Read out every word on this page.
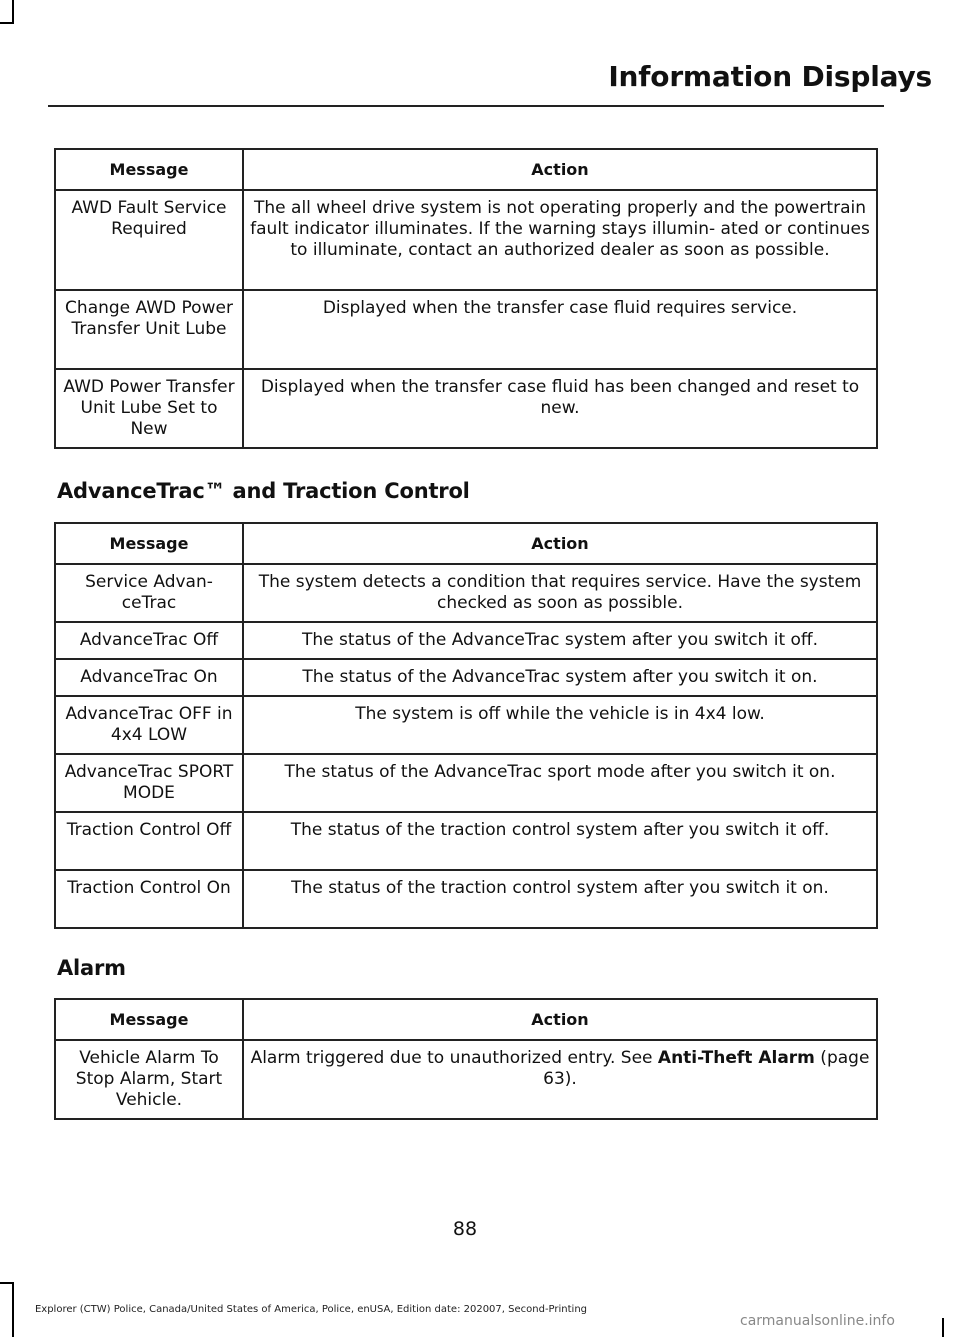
Information Displays
Message	Action
AWD Fault Service Required	The all wheel drive system is not operating properly and the powertrain fault indicator illuminates. If the warning stays illumin- ated or continues to illuminate, contact an authorized dealer as soon as possible.
Change AWD Power Transfer Unit Lube	Displayed when the transfer case fluid requires service.
AWD Power Transfer Unit Lube Set to New	Displayed when the transfer case fluid has been changed and reset to new.
AdvanceTrac™ and Traction Control
Message	Action
Service Advan- ceTrac	The system detects a condition that requires service. Have the system checked as soon as possible.
AdvanceTrac Off	The status of the AdvanceTrac system after you switch it off.
AdvanceTrac On	The status of the AdvanceTrac system after you switch it on.
AdvanceTrac OFF in 4x4 LOW	The system is off while the vehicle is in 4x4 low.
AdvanceTrac SPORT MODE	The status of the AdvanceTrac sport mode after you switch it on.
Traction Control Off	The status of the traction control system after you switch it off.
Traction Control On	The status of the traction control system after you switch it on.
Alarm
Message	Action
Vehicle Alarm To Stop Alarm, Start Vehicle.	Alarm triggered due to unauthorized entry. See Anti-Theft Alarm (page 63).

88

Explorer (CTW) Police, Canada/United States of America, Police, enUSA, Edition date: 202007, Second-Printing

carmanualsonline.info
